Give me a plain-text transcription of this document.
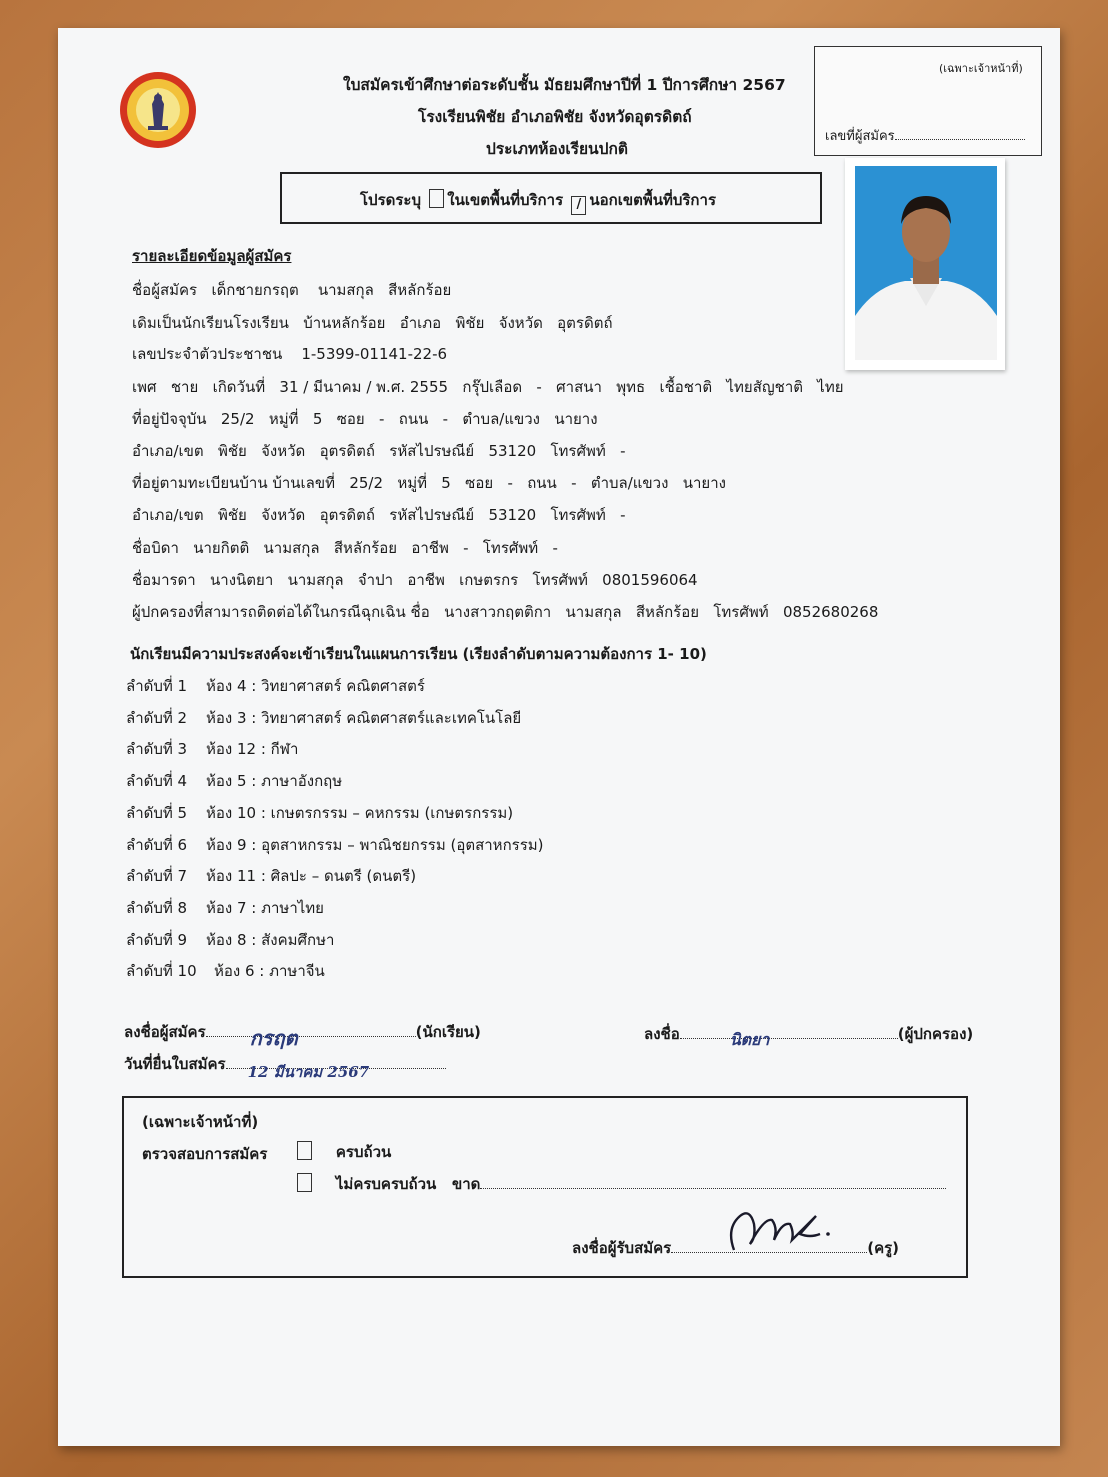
ใบสมัครเข้าศึกษาต่อระดับชั้น มัธยมศึกษาปีที่ 1 ปีการศึกษา 2567
โรงเรียนพิชัย อำเภอพิชัย จังหวัดอุตรดิตถ์
ประเภทห้องเรียนปกติ
(เฉพาะเจ้าหน้าที่)
เลขที่ผู้สมัคร
โปรดระบุ ในเขตพื้นที่บริการ / นอกเขตพื้นที่บริการ
รายละเอียดข้อมูลผู้สมัคร
ชื่อผู้สมัคร เด็กชายกรฤต นามสกุล สีหลักร้อย
เดิมเป็นนักเรียนโรงเรียน บ้านหลักร้อย อำเภอ พิชัย จังหวัด อุตรดิตถ์
เลขประจำตัวประชาชน 1-5399-01141-22-6
เพศ ชาย เกิดวันที่ 31 / มีนาคม / พ.ศ. 2555 กรุ๊ปเลือด - ศาสนา พุทธ เชื้อชาติ ไทยสัญชาติ ไทย
ที่อยู่ปัจจุบัน 25/2 หมู่ที่ 5 ซอย - ถนน - ตำบล/แขวง นายาง
อำเภอ/เขต พิชัย จังหวัด อุตรดิตถ์ รหัสไปรษณีย์ 53120 โทรศัพท์ -
ที่อยู่ตามทะเบียนบ้าน บ้านเลขที่ 25/2 หมู่ที่ 5 ซอย - ถนน - ตำบล/แขวง นายาง
อำเภอ/เขต พิชัย จังหวัด อุตรดิตถ์ รหัสไปรษณีย์ 53120 โทรศัพท์ -
ชื่อบิดา นายกิตติ นามสกุล สีหลักร้อย อาชีพ - โทรศัพท์ -
ชื่อมารดา นางนิตยา นามสกุล จำปา อาชีพ เกษตรกร โทรศัพท์ 0801596064
ผู้ปกครองที่สามารถติดต่อได้ในกรณีฉุกเฉิน ชื่อ นางสาวกฤตติกา นามสกุล สีหลักร้อย โทรศัพท์ 0852680268
นักเรียนมีความประสงค์จะเข้าเรียนในแผนการเรียน (เรียงลำดับตามความต้องการ 1- 10)
ลำดับที่ 1 ห้อง 4 : วิทยาศาสตร์ คณิตศาสตร์
ลำดับที่ 2 ห้อง 3 : วิทยาศาสตร์ คณิตศาสตร์และเทคโนโลยี
ลำดับที่ 3 ห้อง 12 : กีฬา
ลำดับที่ 4 ห้อง 5 : ภาษาอังกฤษ
ลำดับที่ 5 ห้อง 10 : เกษตรกรรม – คหกรรม (เกษตรกรรม)
ลำดับที่ 6 ห้อง 9 : อุตสาหกรรม – พาณิชยกรรม (อุตสาหกรรม)
ลำดับที่ 7 ห้อง 11 : ศิลปะ – ดนตรี (ดนตรี)
ลำดับที่ 8 ห้อง 7 : ภาษาไทย
ลำดับที่ 9 ห้อง 8 : สังคมศึกษา
ลำดับที่ 10 ห้อง 6 : ภาษาจีน
ลงชื่อผู้สมัคร กรฤต	(นักเรียน)	ลงชื่อ	นิตยา	(ผู้ปกครอง)
วันที่ยื่นใบสมัคร 12 มีนาคม 2567
(เฉพาะเจ้าหน้าที่)
ตรวจสอบการสมัคร	ครบถ้วน
ไม่ครบครบถ้วน ขาด
ลงชื่อผู้รับสมัคร	(ครู)
